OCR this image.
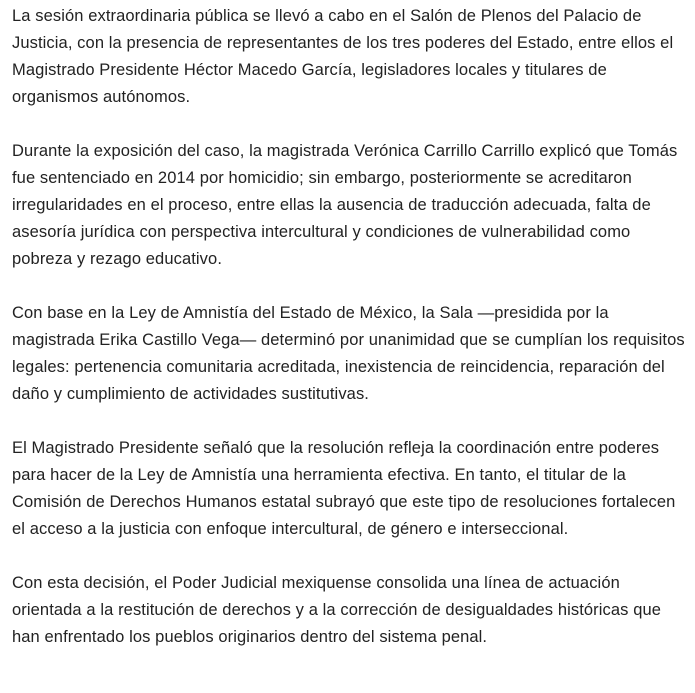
La sesión extraordinaria pública se llevó a cabo en el Salón de Plenos del Palacio de Justicia, con la presencia de representantes de los tres poderes del Estado, entre ellos el Magistrado Presidente Héctor Macedo García, legisladores locales y titulares de organismos autónomos.

Durante la exposición del caso, la magistrada Verónica Carrillo Carrillo explicó que Tomás fue sentenciado en 2014 por homicidio; sin embargo, posteriormente se acreditaron irregularidades en el proceso, entre ellas la ausencia de traducción adecuada, falta de asesoría jurídica con perspectiva intercultural y condiciones de vulnerabilidad como pobreza y rezago educativo.

Con base en la Ley de Amnistía del Estado de México, la Sala —presidida por la magistrada Erika Castillo Vega— determinó por unanimidad que se cumplían los requisitos legales: pertenencia comunitaria acreditada, inexistencia de reincidencia, reparación del daño y cumplimiento de actividades sustitutivas.

El Magistrado Presidente señaló que la resolución refleja la coordinación entre poderes para hacer de la Ley de Amnistía una herramienta efectiva. En tanto, el titular de la Comisión de Derechos Humanos estatal subrayó que este tipo de resoluciones fortalecen el acceso a la justicia con enfoque intercultural, de género e interseccional.

Con esta decisión, el Poder Judicial mexiquense consolida una línea de actuación orientada a la restitución de derechos y a la corrección de desigualdades históricas que han enfrentado los pueblos originarios dentro del sistema penal.
